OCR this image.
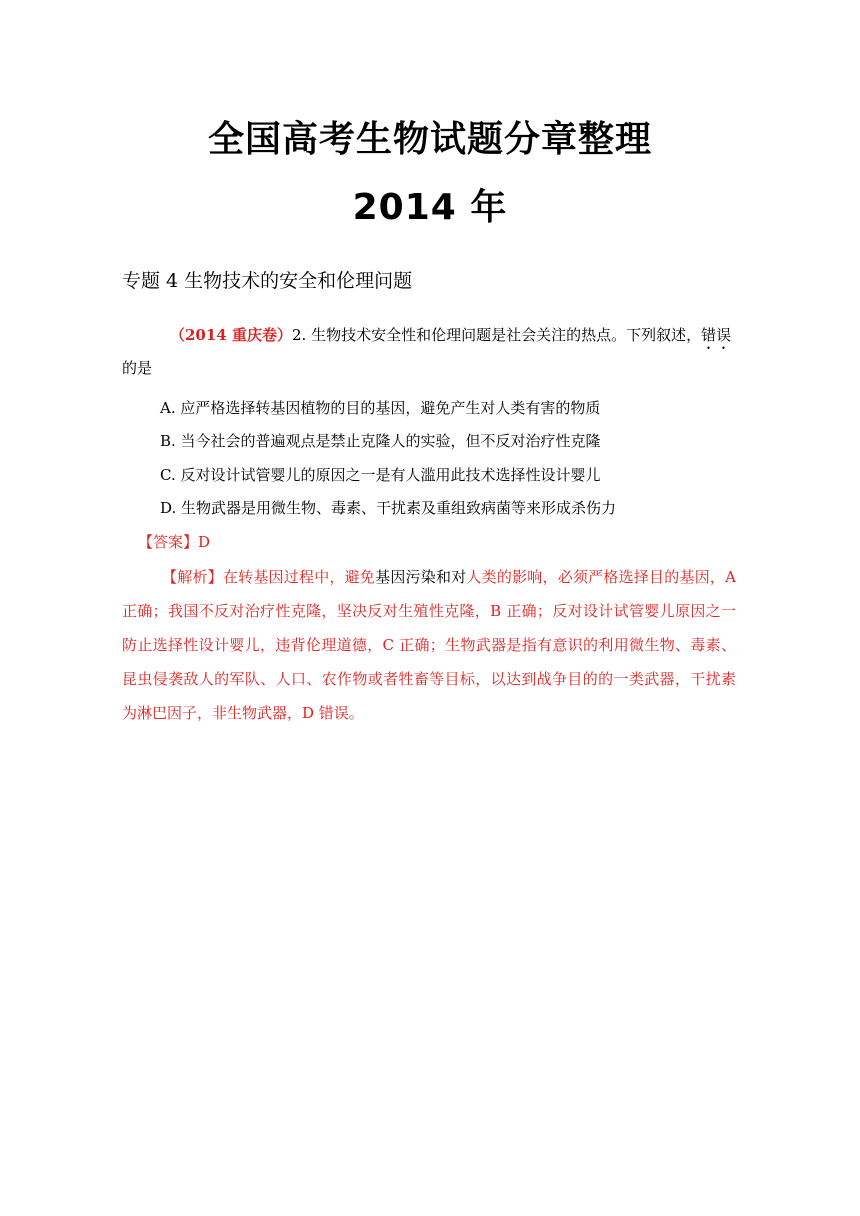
全国高考生物试题分章整理
2014 年
专题 4 生物技术的安全和伦理问题
（2014 重庆卷）2. 生物技术安全性和伦理问题是社会关注的热点。下列叙述，错误的是
A. 应严格选择转基因植物的目的基因，避免产生对人类有害的物质
B. 当今社会的普遍观点是禁止克隆人的实验，但不反对治疗性克隆
C. 反对设计试管婴儿的原因之一是有人滥用此技术选择性设计婴儿
D. 生物武器是用微生物、毒素、干扰素及重组致病菌等来形成杀伤力
【答案】D
【解析】在转基因过程中，避免基因污染和对人类的影响，必须严格选择目的基因，A 正确；我国不反对治疗性克隆，坚决反对生殖性克隆，B 正确；反对设计试管婴儿原因之一防止选择性设计婴儿，违背伦理道德，C 正确；生物武器是指有意识的利用微生物、毒素、昆虫侵袭敌人的军队、人口、农作物或者牲畜等目标，以达到战争目的的一类武器，干扰素为淋巴因子，非生物武器，D 错误。
